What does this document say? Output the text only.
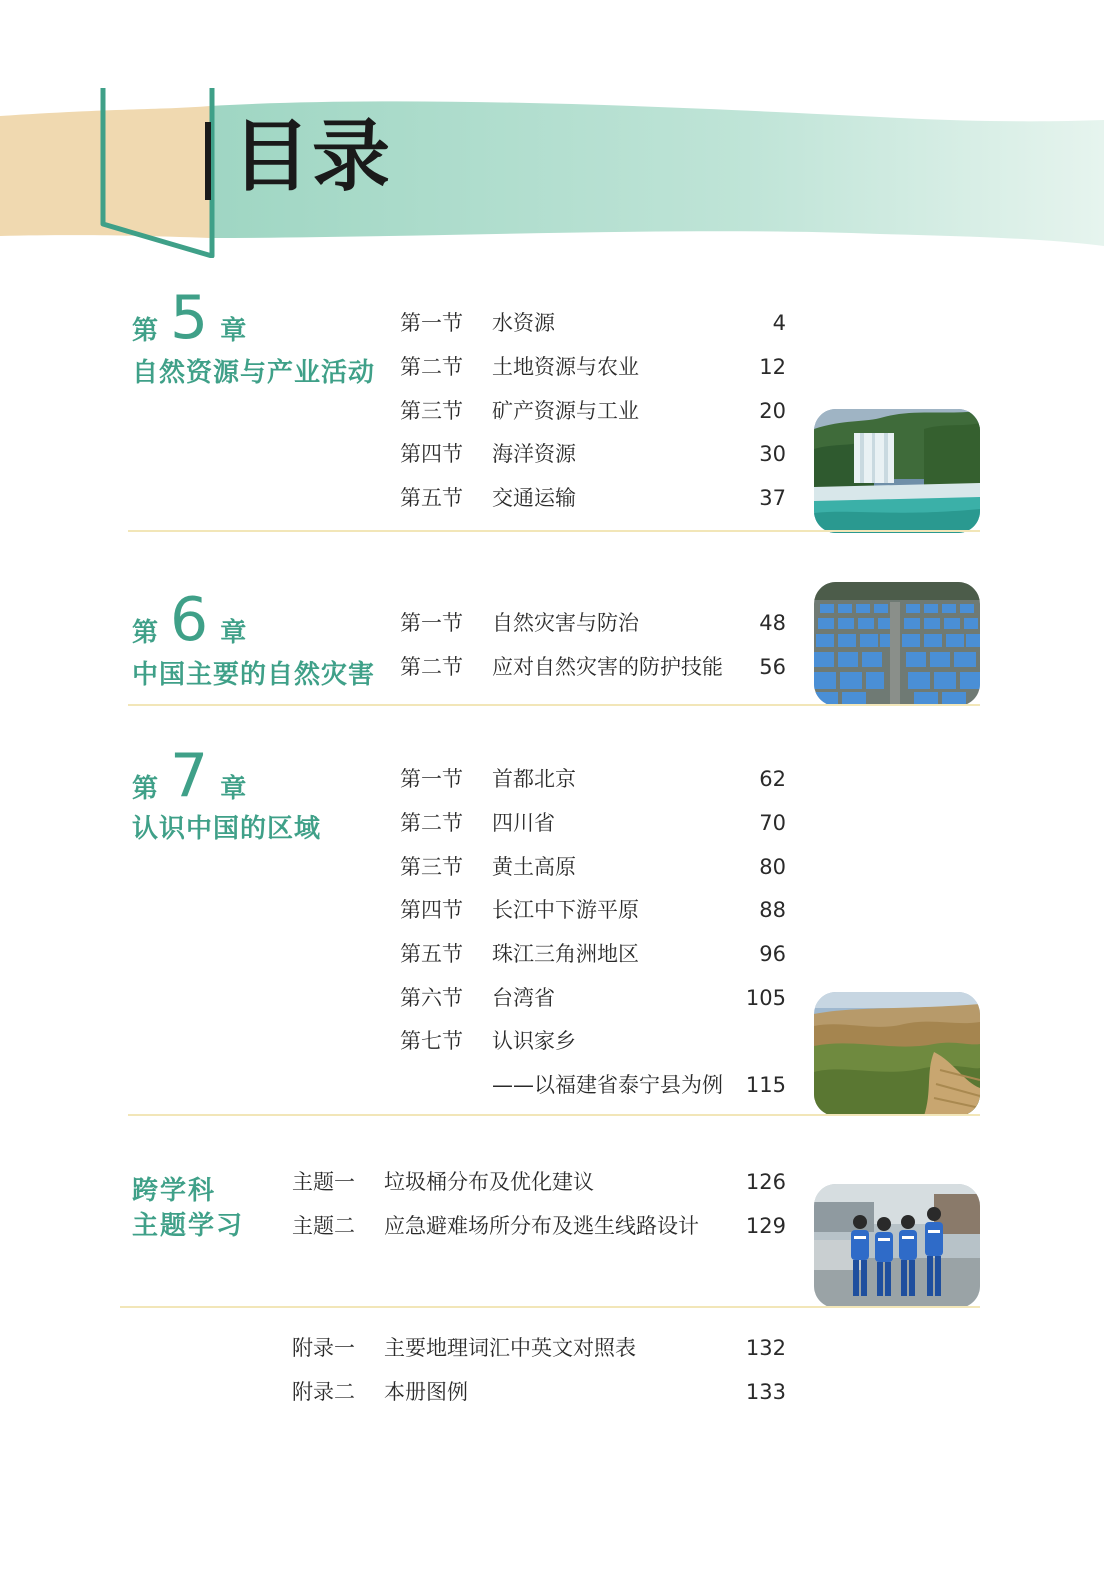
目录
第 5 章
自然资源与产业活动
第一节 水资源	4
第二节 土地资源与农业	12
第三节 矿产资源与工业	20
第四节 海洋资源	30
第五节 交通运输	37
第 6 章
中国主要的自然灾害
第一节 自然灾害与防治	48
第二节 应对自然灾害的防护技能 56
第 7 章
认识中国的区域
第一节 首都北京	62
第二节 四川省	70
第三节 黄土高原	80
第四节 长江中下游平原	88
第五节 珠江三角洲地区	96
第六节 台湾省	105
第七节 认识家乡
——以福建省泰宁县为例 115
跨学科
主题学习
主题一 垃圾桶分布及优化建议	126
主题二 应急避难场所分布及逃生线路设计 129
附录一 主要地理词汇中英文对照表	132
附录二 本册图例	133
